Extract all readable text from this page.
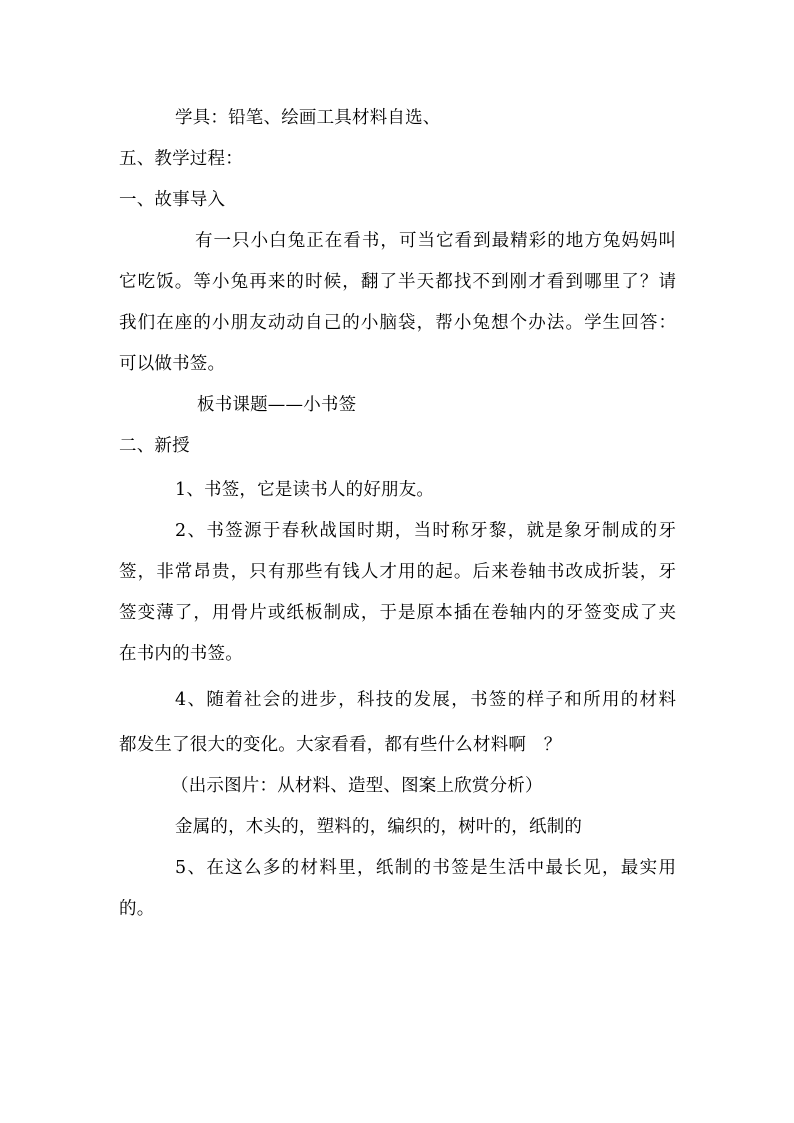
学具：铅笔、绘画工具材料自选、
五、教学过程：
一、故事导入
有一只小白兔正在看书，可当它看到最精彩的地方兔妈妈叫
它吃饭。等小兔再来的时候，翻了半天都找不到刚才看到哪里了？请
我们在座的小朋友动动自己的小脑袋，帮小兔想个办法。学生回答：
可以做书签。
板书课题——小书签
二、新授
1、书签，它是读书人的好朋友。
2、书签源于春秋战国时期，当时称牙黎，就是象牙制成的牙
签，非常昂贵，只有那些有钱人才用的起。后来卷轴书改成折装，牙
签变薄了，用骨片或纸板制成，于是原本插在卷轴内的牙签变成了夹
在书内的书签。
4、随着社会的进步，科技的发展，书签的样子和所用的材料
都发生了很大的变化。大家看看，都有些什么材料啊　？
（出示图片：从材料、造型、图案上欣赏分析）
金属的，木头的，塑料的，编织的，树叶的，纸制的
5、在这么多的材料里，纸制的书签是生活中最长见，最实用
的。
